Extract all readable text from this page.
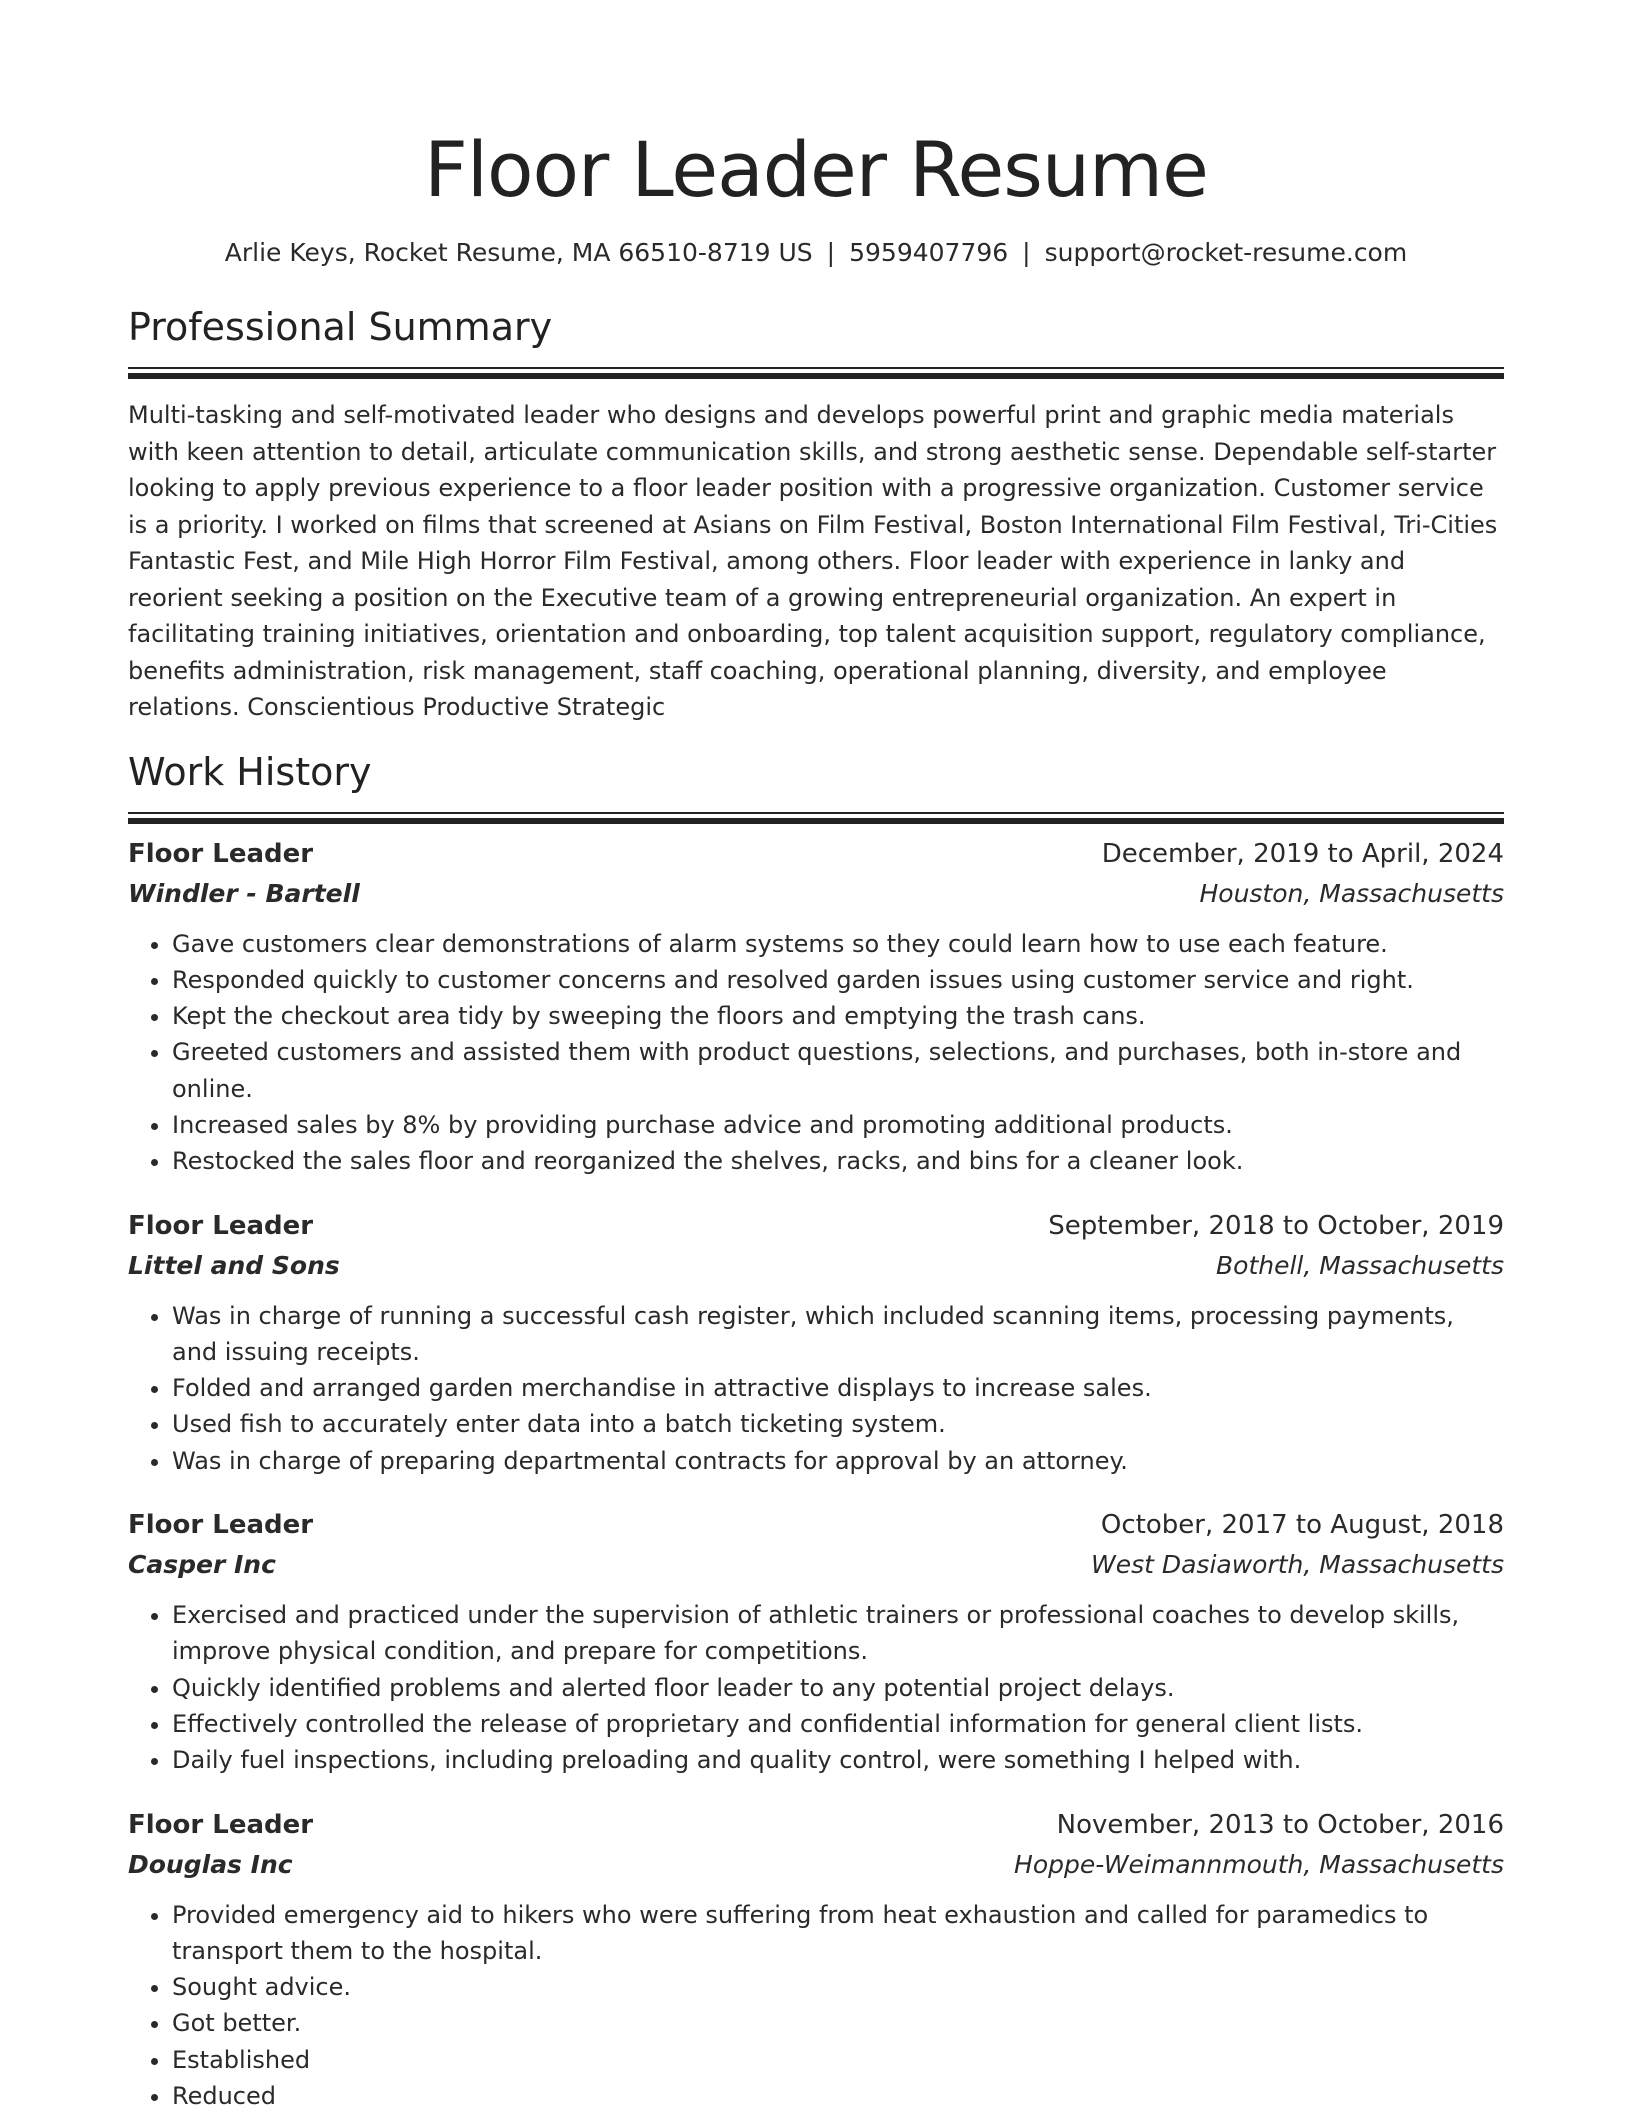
Floor Leader Resume
Arlie Keys, Rocket Resume, MA 66510-8719 US | 5959407796 | support@rocket-resume.com
Professional Summary

Multi-tasking and self-motivated leader who designs and develops powerful print and graphic media materials with keen attention to detail, articulate communication skills, and strong aesthetic sense. Dependable self-starter looking to apply previous experience to a floor leader position with a progressive organization. Customer service is a priority. I worked on films that screened at Asians on Film Festival, Boston International Film Festival, Tri-Cities Fantastic Fest, and Mile High Horror Film Festival, among others. Floor leader with experience in lanky and reorient seeking a position on the Executive team of a growing entrepreneurial organization. An expert in facilitating training initiatives, orientation and onboarding, top talent acquisition support, regulatory compliance, benefits administration, risk management, staff coaching, operational planning, diversity, and employee relations. Conscientious Productive Strategic

Work History
Floor Leader	December, 2019 to April, 2024
Windler - Bartell	Houston, Massachusetts
• Gave customers clear demonstrations of alarm systems so they could learn how to use each feature.
• Responded quickly to customer concerns and resolved garden issues using customer service and right.
• Kept the checkout area tidy by sweeping the floors and emptying the trash cans.
• Greeted customers and assisted them with product questions, selections, and purchases, both in-store and online.
• Increased sales by 8% by providing purchase advice and promoting additional products.
• Restocked the sales floor and reorganized the shelves, racks, and bins for a cleaner look.
Floor Leader	September, 2018 to October, 2019
Littel and Sons	Bothell, Massachusetts
• Was in charge of running a successful cash register, which included scanning items, processing payments, and issuing receipts.
• Folded and arranged garden merchandise in attractive displays to increase sales.
• Used fish to accurately enter data into a batch ticketing system.
• Was in charge of preparing departmental contracts for approval by an attorney.
Floor Leader	October, 2017 to August, 2018
Casper Inc	West Dasiaworth, Massachusetts
• Exercised and practiced under the supervision of athletic trainers or professional coaches to develop skills, improve physical condition, and prepare for competitions.
• Quickly identified problems and alerted floor leader to any potential project delays.
• Effectively controlled the release of proprietary and confidential information for general client lists.
• Daily fuel inspections, including preloading and quality control, were something I helped with.
Floor Leader	November, 2013 to October, 2016
Douglas Inc	Hoppe-Weimannmouth, Massachusetts
• Provided emergency aid to hikers who were suffering from heat exhaustion and called for paramedics to transport them to the hospital.
• Sought advice.
• Got better.
• Established
• Reduced
